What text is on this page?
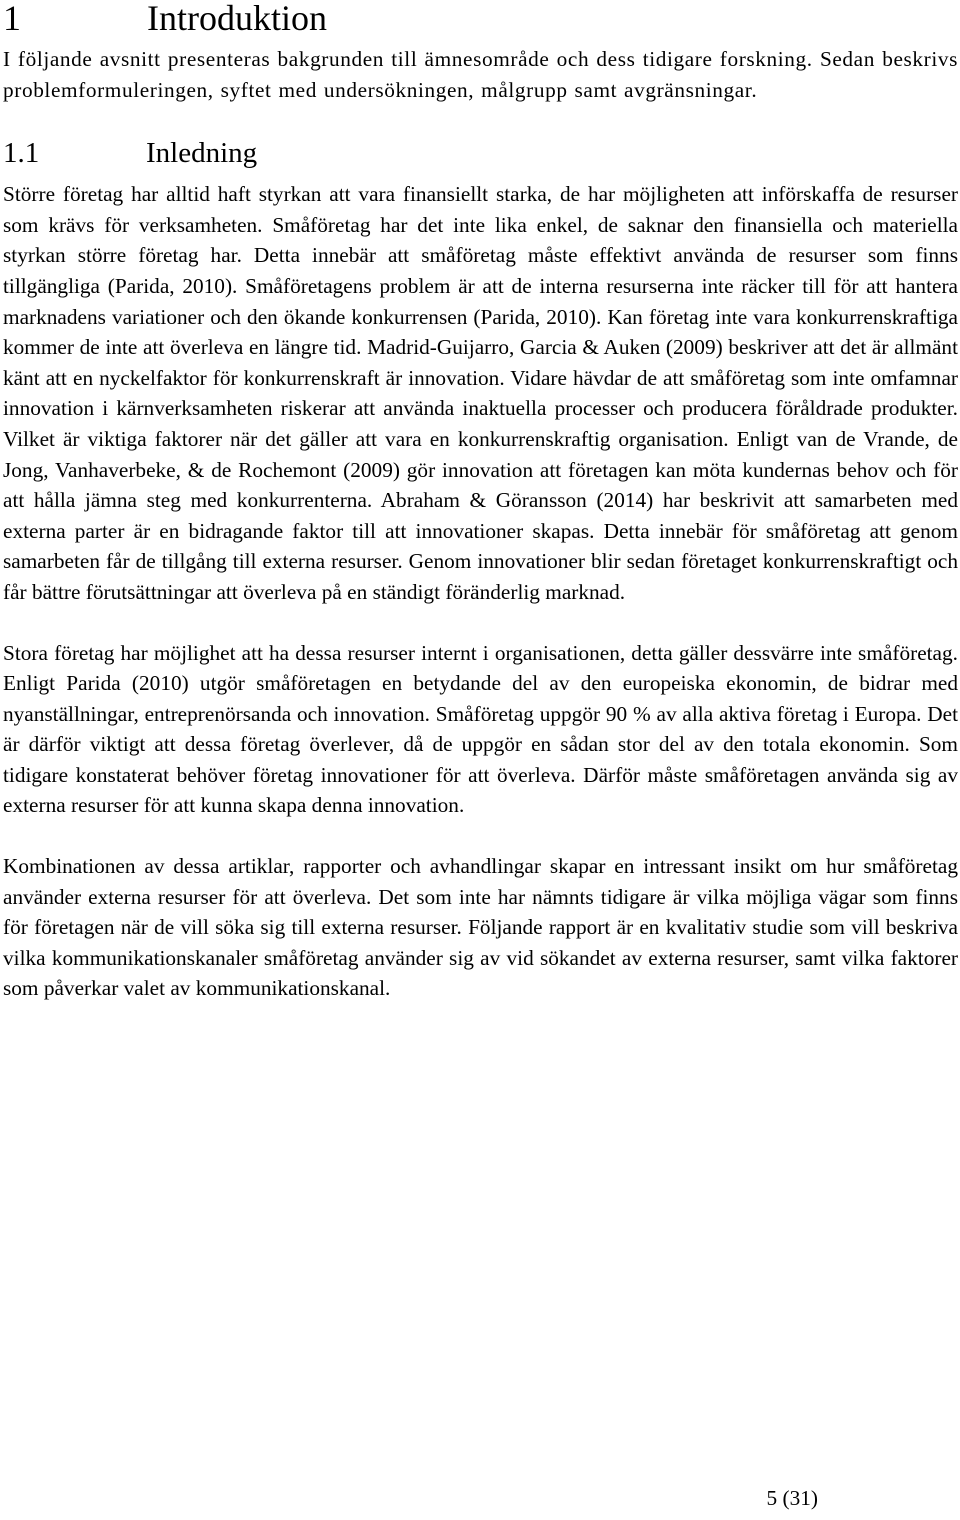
1	Introduktion

I följande avsnitt presenteras bakgrunden till ämnesområde och dess tidigare forskning. Sedan beskrivs problemformuleringen, syftet med undersökningen, målgrupp samt avgränsningar.

1.1	Inledning

Större företag har alltid haft styrkan att vara finansiellt starka, de har möjligheten att införskaffa de resurser som krävs för verksamheten. Småföretag har det inte lika enkel, de saknar den finansiella och materiella styrkan större företag har. Detta innebär att småföretag måste effektivt använda de resurser som finns tillgängliga (Parida, 2010). Småföretagens problem är att de interna resurserna inte räcker till för att hantera marknadens variationer och den ökande konkurrensen (Parida, 2010). Kan företag inte vara konkurrenskraftiga kommer de inte att överleva en längre tid. Madrid-Guijarro, Garcia & Auken (2009) beskriver att det är allmänt känt att en nyckelfaktor för konkurrenskraft är innovation. Vidare hävdar de att småföretag som inte omfamnar innovation i kärnverksamheten riskerar att använda inaktuella processer och producera föråldrade produkter. Vilket är viktiga faktorer när det gäller att vara en konkurrenskraftig organisation. Enligt van de Vrande, de Jong, Vanhaverbeke, & de Rochemont (2009) gör innovation att företagen kan möta kundernas behov och för att hålla jämna steg med konkurrenterna. Abraham & Göransson (2014) har beskrivit att samarbeten med externa parter är en bidragande faktor till att innovationer skapas. Detta innebär för småföretag att genom samarbeten får de tillgång till externa resurser. Genom innovationer blir sedan företaget konkurrenskraftigt och får bättre förutsättningar att överleva på en ständigt föränderlig marknad.

Stora företag har möjlighet att ha dessa resurser internt i organisationen, detta gäller dessvärre inte småföretag. Enligt Parida (2010) utgör småföretagen en betydande del av den europeiska ekonomin, de bidrar med nyanställningar, entreprenörsanda och innovation. Småföretag uppgör 90 % av alla aktiva företag i Europa. Det är därför viktigt att dessa företag överlever, då de uppgör en sådan stor del av den totala ekonomin. Som tidigare konstaterat behöver företag innovationer för att överleva. Därför måste småföretagen använda sig av externa resurser för att kunna skapa denna innovation.

Kombinationen av dessa artiklar, rapporter och avhandlingar skapar en intressant insikt om hur småföretag använder externa resurser för att överleva. Det som inte har nämnts tidigare är vilka möjliga vägar som finns för företagen när de vill söka sig till externa resurser. Följande rapport är en kvalitativ studie som vill beskriva vilka kommunikationskanaler småföretag använder sig av vid sökandet av externa resurser, samt vilka faktorer som påverkar valet av kommunikationskanal.

5 (31)
